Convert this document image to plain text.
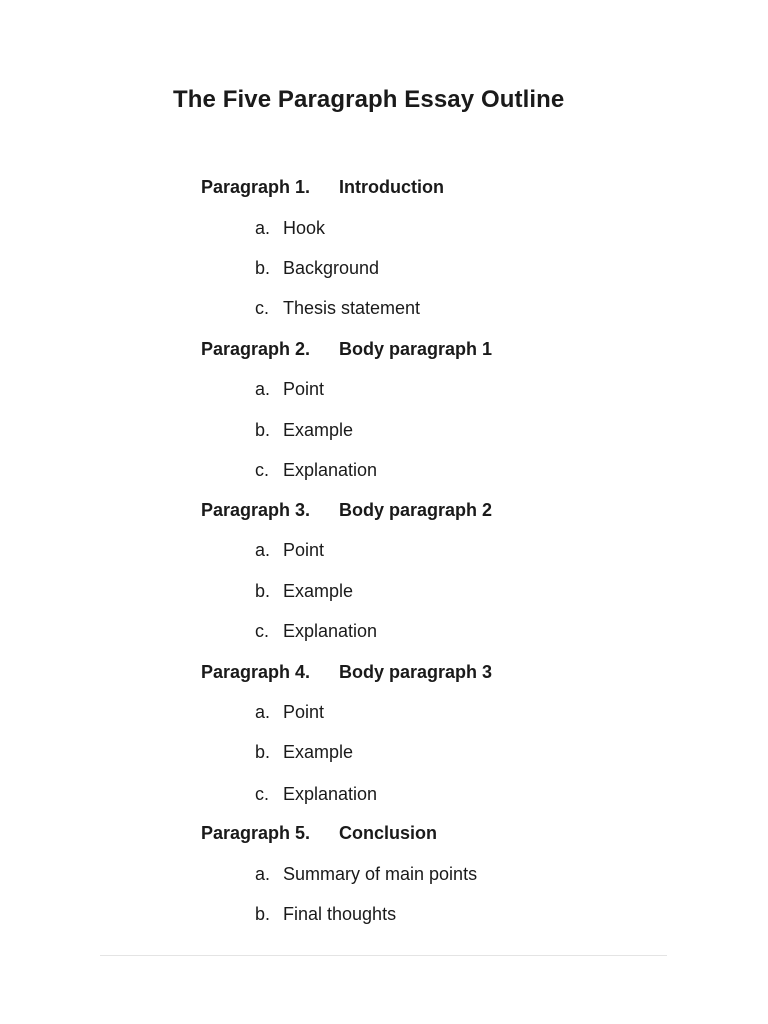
The Five Paragraph Essay Outline
Paragraph 1. Introduction
a. Hook
b. Background
c. Thesis statement
Paragraph 2. Body paragraph 1
a. Point
b. Example
c. Explanation
Paragraph 3. Body paragraph 2
a. Point
b. Example
c. Explanation
Paragraph 4. Body paragraph 3
a. Point
b. Example
c. Explanation
Paragraph 5. Conclusion
a. Summary of main points
b. Final thoughts
